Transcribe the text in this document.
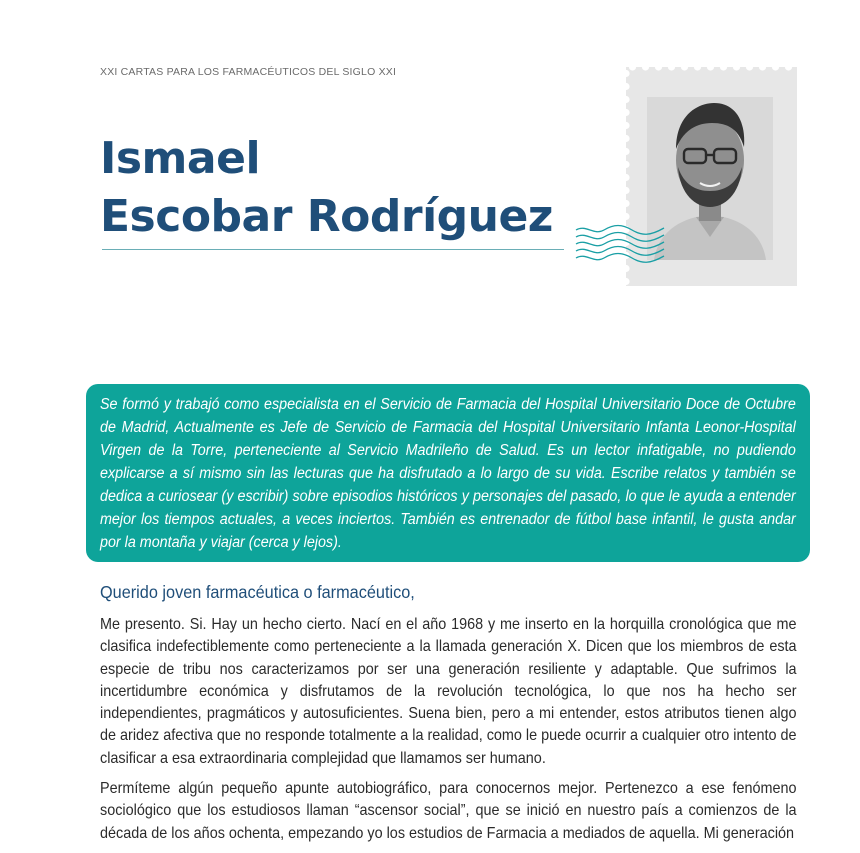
XXI CARTAS PARA LOS FARMACÉUTICOS DEL SIGLO XXI
Ismael
Escobar Rodríguez

Se formó y trabajó como especialista en el Servicio de Farmacia del Hospital Universitario Doce de Octubre de Madrid, Actualmente es Jefe de Servicio de Farmacia del Hospital Universitario Infanta Leonor-Hospital Virgen de la Torre, perteneciente al Servicio Madrileño de Salud. Es un lector infatigable, no pudiendo explicarse a sí mismo sin las lecturas que ha disfrutado a lo largo de su vida. Escribe relatos y también se dedica a curiosear (y escribir) sobre episodios históricos y personajes del pasado, lo que le ayuda a entender mejor los tiempos actuales, a veces inciertos. También es entrenador de fútbol base infantil, le gusta andar por la montaña y viajar (cerca y lejos).

Querido joven farmacéutica o farmacéutico,

Me presento. Si. Hay un hecho cierto. Nací en el año 1968 y me inserto en la horquilla cronológica que me clasifica indefectiblemente como perteneciente a la llamada generación X. Dicen que los miembros de esta especie de tribu nos caracterizamos por ser una generación resiliente y adaptable. Que sufrimos la incertidumbre económica y disfrutamos de la revolución tecnológica, lo que nos ha hecho ser independientes, pragmáticos y autosuficientes. Suena bien, pero a mi entender, estos atributos tienen algo de aridez afectiva que no responde totalmente a la realidad, como le puede ocurrir a cualquier otro intento de clasificar a esa extraordinaria complejidad que llamamos ser humano.

Permíteme algún pequeño apunte autobiográfico, para conocernos mejor. Pertenezco a ese fenómeno sociológico que los estudiosos llaman “ascensor social”, que se inició en nuestro país a comienzos de la década de los años ochenta, empezando yo los estudios de Farmacia a mediados de aquella. Mi generación
